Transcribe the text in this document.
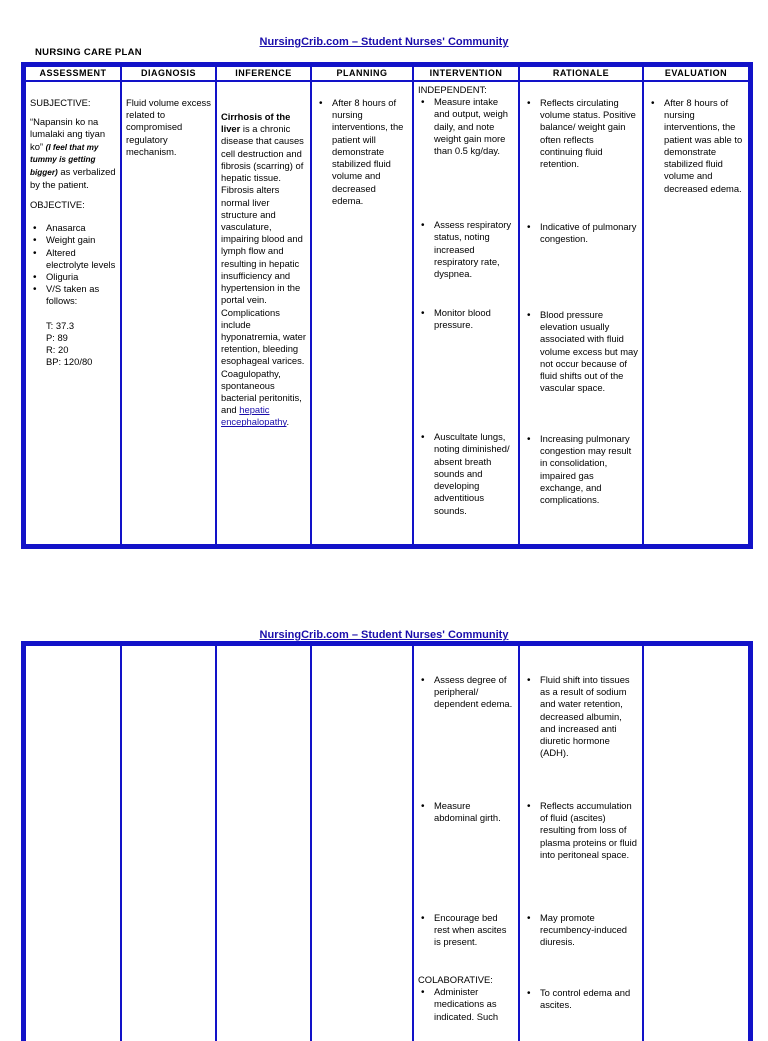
NursingCrib.com – Student Nurses' Community
NURSING CARE PLAN
ASSESSMENT

SUBJECTIVE:

“Napansin ko na lumalaki ang tiyan ko” (I feel that my tummy is getting bigger) as verbalized by the patient.

OBJECTIVE:

• Anasarca
• Weight gain
• Altered electrolyte levels
• Oliguria
• V/S taken as follows:
T: 37.3
P: 89
R: 20
BP: 120/80
DIAGNOSIS
Fluid volume excess related to compromised regulatory mechanism.
INFERENCE
Cirrhosis of the liver is a chronic disease that causes cell destruction and fibrosis (scarring) of hepatic tissue. Fibrosis alters normal liver structure and vasculature, impairing blood and lymph flow and resulting in hepatic insufficiency and hypertension in the portal vein. Complications include hyponatremia, water retention, bleeding esophageal varices. Coagulopathy, spontaneous bacterial peritonitis, and hepatic encephalopathy.
PLANNING
• After 8 hours of nursing interventions, the patient will demonstrate stabilized fluid volume and decreased edema.
INTERVENTION
INDEPENDENT:
• Measure intake and output, weigh daily, and note weight gain more than 0.5 kg/day.
• Assess respiratory status, noting increased respiratory rate, dyspnea.
• Monitor blood pressure.
• Auscultate lungs, noting diminished/ absent breath sounds and developing adventitious sounds.
RATIONALE
• Reflects circulating volume status. Positive balance/ weight gain often reflects continuing fluid retention.
• Indicative of pulmonary congestion.
• Blood pressure elevation usually associated with fluid volume excess but may not occur because of fluid shifts out of the vascular space.
• Increasing pulmonary congestion may result in consolidation, impaired gas exchange, and complications.
EVALUATION
• After 8 hours of nursing interventions, the patient was able to demonstrate stabilized fluid volume and decreased edema.
NursingCrib.com – Student Nurses' Community
• Assess degree of peripheral/ dependent edema.
• Measure abdominal girth.
• Encourage bed rest when ascites is present.
COLABORATIVE:
• Administer medications as indicated. Such
• Fluid shift into tissues as a result of sodium and water retention, decreased albumin, and increased anti diuretic hormone (ADH).
• Reflects accumulation of fluid (ascites) resulting from loss of plasma proteins or fluid into peritoneal space.
• May promote recumbency-induced diuresis.
• To control edema and ascites.
